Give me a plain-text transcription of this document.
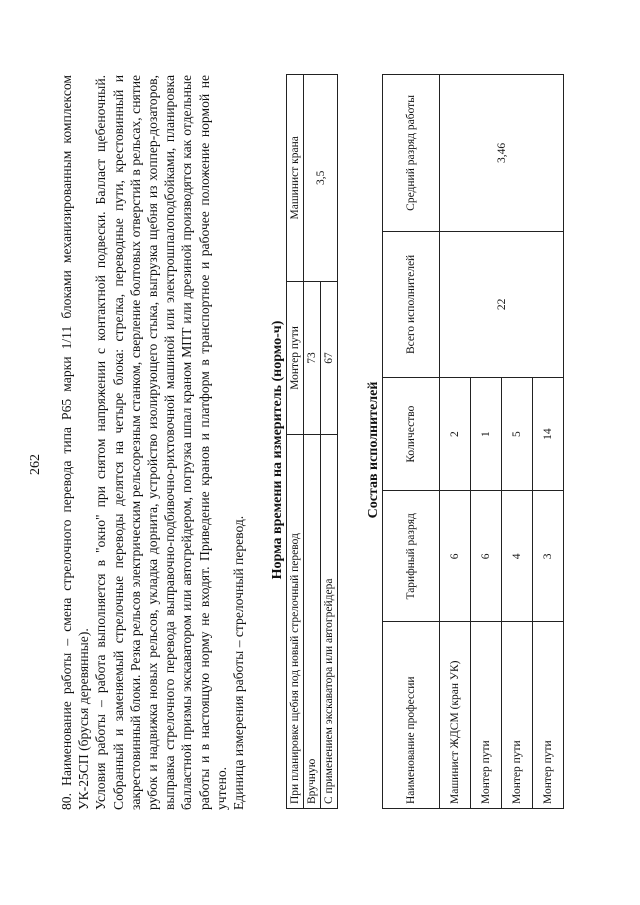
262 80. Наименование работы – смена стрелочного перевода типа Р65 марки 1/11 блоками механизированным комплексом УК-25СП (брусья деревянные). Условия работы – работа выполняется в "окно" при снятом напряжении с контактной подвески. Балласт щебеночный. Собранный и заменяемый стрелочные переводы делятся на четыре блока: стрелка, переводные пути, крестовинный и закрестовинный блоки. Резка рельсов электрическим рельсорезным станком, сверление болтовых отверстий в рельсах, снятие рубок и надвижка новых рельсов, укладка дорнита, устройство изолирующего стыка, выгрузка щебня из хоппер-дозаторов, выправка стрелочного перевода выправочно-подбивочно-рихтовочной машиной или электрошпалоподбойками, планировка балластной призмы экскаватором или автогрейдером, погрузка шпал краном МПТ или дрезиной производятся как отдельные работы и в настоящую норму не входят. Приведение кранов и платформ в транспортное и рабочее положение нормой не учтено. Единица измерения работы – стрелочный перевод.

Норма времени на измеритель (нормо-ч)
При планировке щебня под новый стрелочный перевод	Монтер пути	Машинист крана
Вручную	73	3,5
С применением экскаватора или автогрейдера	67	
Состав исполнителей
Наименование профессии	Тарифный разряд	Количество	Всего исполнителей	Средний разряд работы
Машинист ЖДСМ (кран УК)	6	2	22	3,46
Монтер пути	6	1		
Монтер пути	4	5		
Монтер пути	3	14		
